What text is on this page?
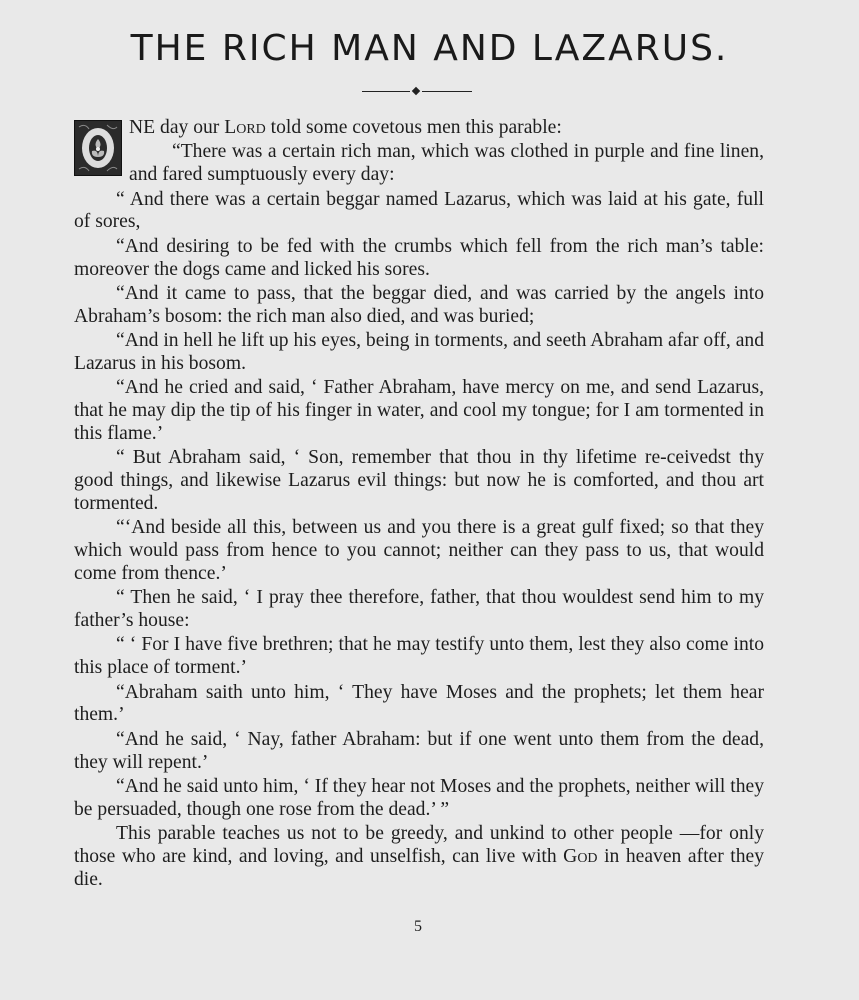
THE RICH MAN AND LAZARUS.

NE day our Lord told some covetous men this parable:

“There was a certain rich man, which was clothed in purple and fine linen, and fared sumptuously every day:

“ And there was a certain beggar named Lazarus, which was laid at his gate, full of sores,

“And desiring to be fed with the crumbs which fell from the rich man’s table: moreover the dogs came and licked his sores.

“And it came to pass, that the beggar died, and was carried by the angels into Abraham’s bosom: the rich man also died, and was buried;

“And in hell he lift up his eyes, being in torments, and seeth Abraham afar off, and Lazarus in his bosom.

“And he cried and said, ‘ Father Abraham, have mercy on me, and send Lazarus, that he may dip the tip of his finger in water, and cool my tongue; for I am tormented in this flame.’

“ But Abraham said, ‘ Son, remember that thou in thy lifetime re-ceivedst thy good things, and likewise Lazarus evil things: but now he is comforted, and thou art tormented.

“‘And beside all this, between us and you there is a great gulf fixed; so that they which would pass from hence to you cannot; neither can they pass to us, that would come from thence.’

“ Then he said, ‘ I pray thee therefore, father, that thou wouldest send him to my father’s house:

“ ‘ For I have five brethren; that he may testify unto them, lest they also come into this place of torment.’

“Abraham saith unto him, ‘ They have Moses and the prophets; let them hear them.’

“And he said, ‘ Nay, father Abraham: but if one went unto them from the dead, they will repent.’

“And he said unto him, ‘ If they hear not Moses and the prophets, neither will they be persuaded, though one rose from the dead.’ ”

This parable teaches us not to be greedy, and unkind to other people —for only those who are kind, and loving, and unselfish, can live with God in heaven after they die.

5
